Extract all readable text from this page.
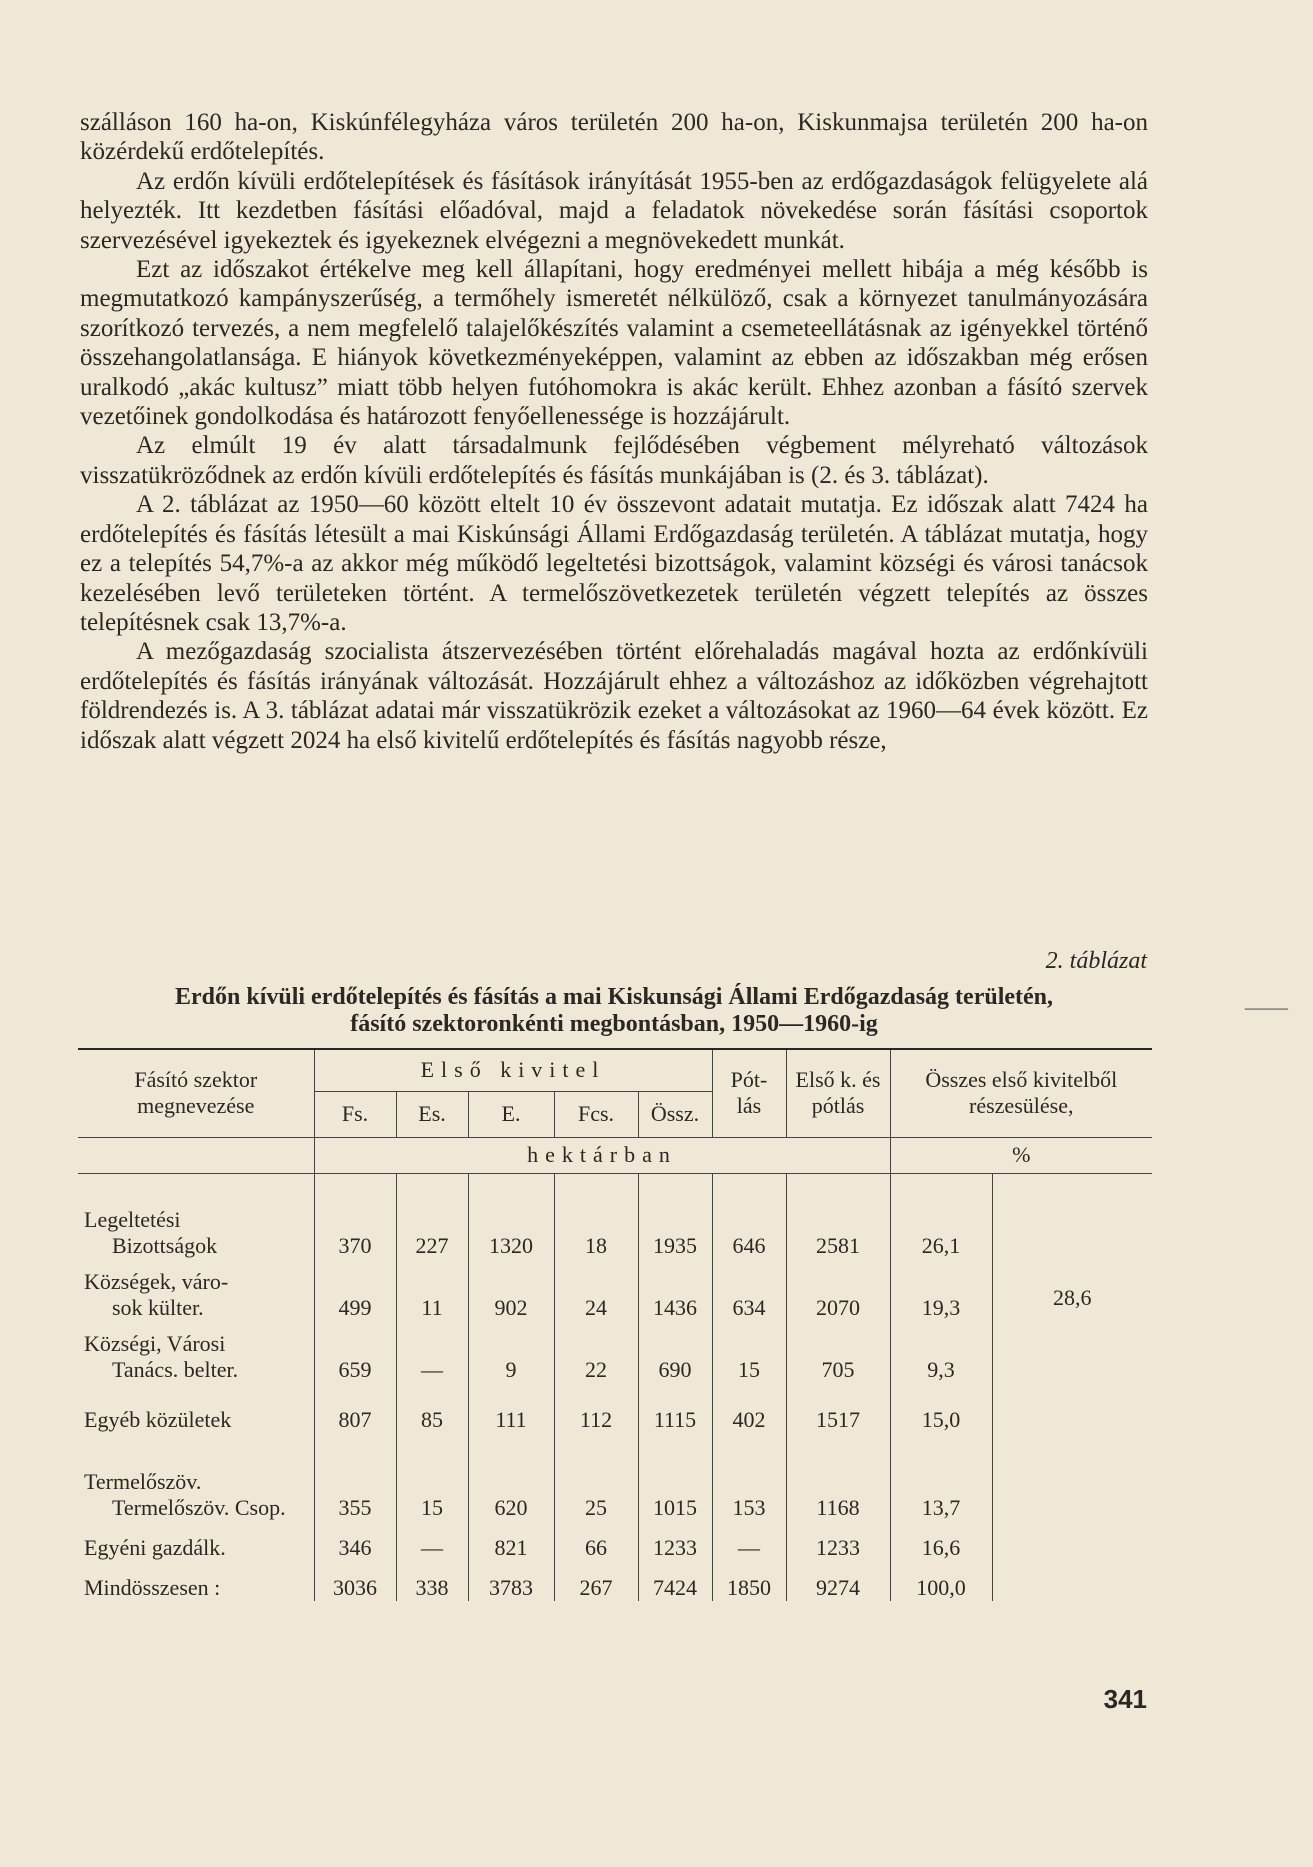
szálláson 160 ha-on, Kiskúnfélegyháza város területén 200 ha-on, Kiskunmajsa területén 200 ha-on közérdekű erdőtelepítés.

Az erdőn kívüli erdőtelepítések és fásítások irányítását 1955-ben az erdőgazdaságok felügyelete alá helyezték. Itt kezdetben fásítási előadóval, majd a feladatok növekedése során fásítási csoportok szervezésével igyekeztek és igyekeznek elvégezni a megnövekedett munkát.

Ezt az időszakot értékelve meg kell állapítani, hogy eredményei mellett hibája a még később is megmutatkozó kampányszerűség, a termőhely ismeretét nélkülöző, csak a környezet tanulmányozására szorítkozó tervezés, a nem megfelelő talajelőkészítés valamint a csemeteellátásnak az igényekkel történő összehangolatlansága. E hiányok következményeképpen, valamint az ebben az időszakban még erősen uralkodó „akác kultusz” miatt több helyen futóhomokra is akác került. Ehhez azonban a fásító szervek vezetőinek gondolkodása és határozott fenyőellenessége is hozzájárult.

Az elmúlt 19 év alatt társadalmunk fejlődésében végbement mélyreható változások visszatükröződnek az erdőn kívüli erdőtelepítés és fásítás munkájában is (2. és 3. táblázat).

A 2. táblázat az 1950—60 között eltelt 10 év összevont adatait mutatja. Ez időszak alatt 7424 ha erdőtelepítés és fásítás létesült a mai Kiskúnsági Állami Erdőgazdaság területén. A táblázat mutatja, hogy ez a telepítés 54,7%-a az akkor még működő legeltetési bizottságok, valamint községi és városi tanácsok kezelésében levő területeken történt. A termelőszövetkezetek területén végzett telepítés az összes telepítésnek csak 13,7%-a.

A mezőgazdaság szocialista átszervezésében történt előrehaladás magával hozta az erdőnkívüli erdőtelepítés és fásítás irányának változását. Hozzájárult ehhez a változáshoz az időközben végrehajtott földrendezés is. A 3. táblázat adatai már visszatükrözik ezeket a változásokat az 1960—64 évek között. Ez időszak alatt végzett 2024 ha első kivitelű erdőtelepítés és fásítás nagyobb része,

2. táblázat
Erdőn kívüli erdőtelepítés és fásítás a mai Kiskunsági Állami Erdőgazdaság területén,
fásító szektoronkénti megbontásban, 1950—1960-ig
⸻
Fásító szektor megnevezése	Első kivitel					Pót-lás	Első k. és pótlás	Összes első kivitelből részesülése,	
	Fs.	Es.	E.	Fcs.	Össz.				
	hektárban							%	

Legeltetési
Bizottságok	370	227	1320	18	1935	646	2581	26,1	28,6

Községek, váro-
sok külter.	499	11	902	24	1436	634	2070	19,3	

Községi, Városi
Tanács. belter.	659	—	9	22	690	15	705	9,3	

Egyéb közületek	807	85	111	112	1115	402	1517	15,0	

Termelőszöv.
Termelőszöv. Csop.	355	15	620	25	1015	153	1168	13,7	

Egyéni gazdálk.	346	—	821	66	1233	—	1233	16,6	

Mindösszesen :	3036	338	3783	267	7424	1850	9274	100,0	
341
